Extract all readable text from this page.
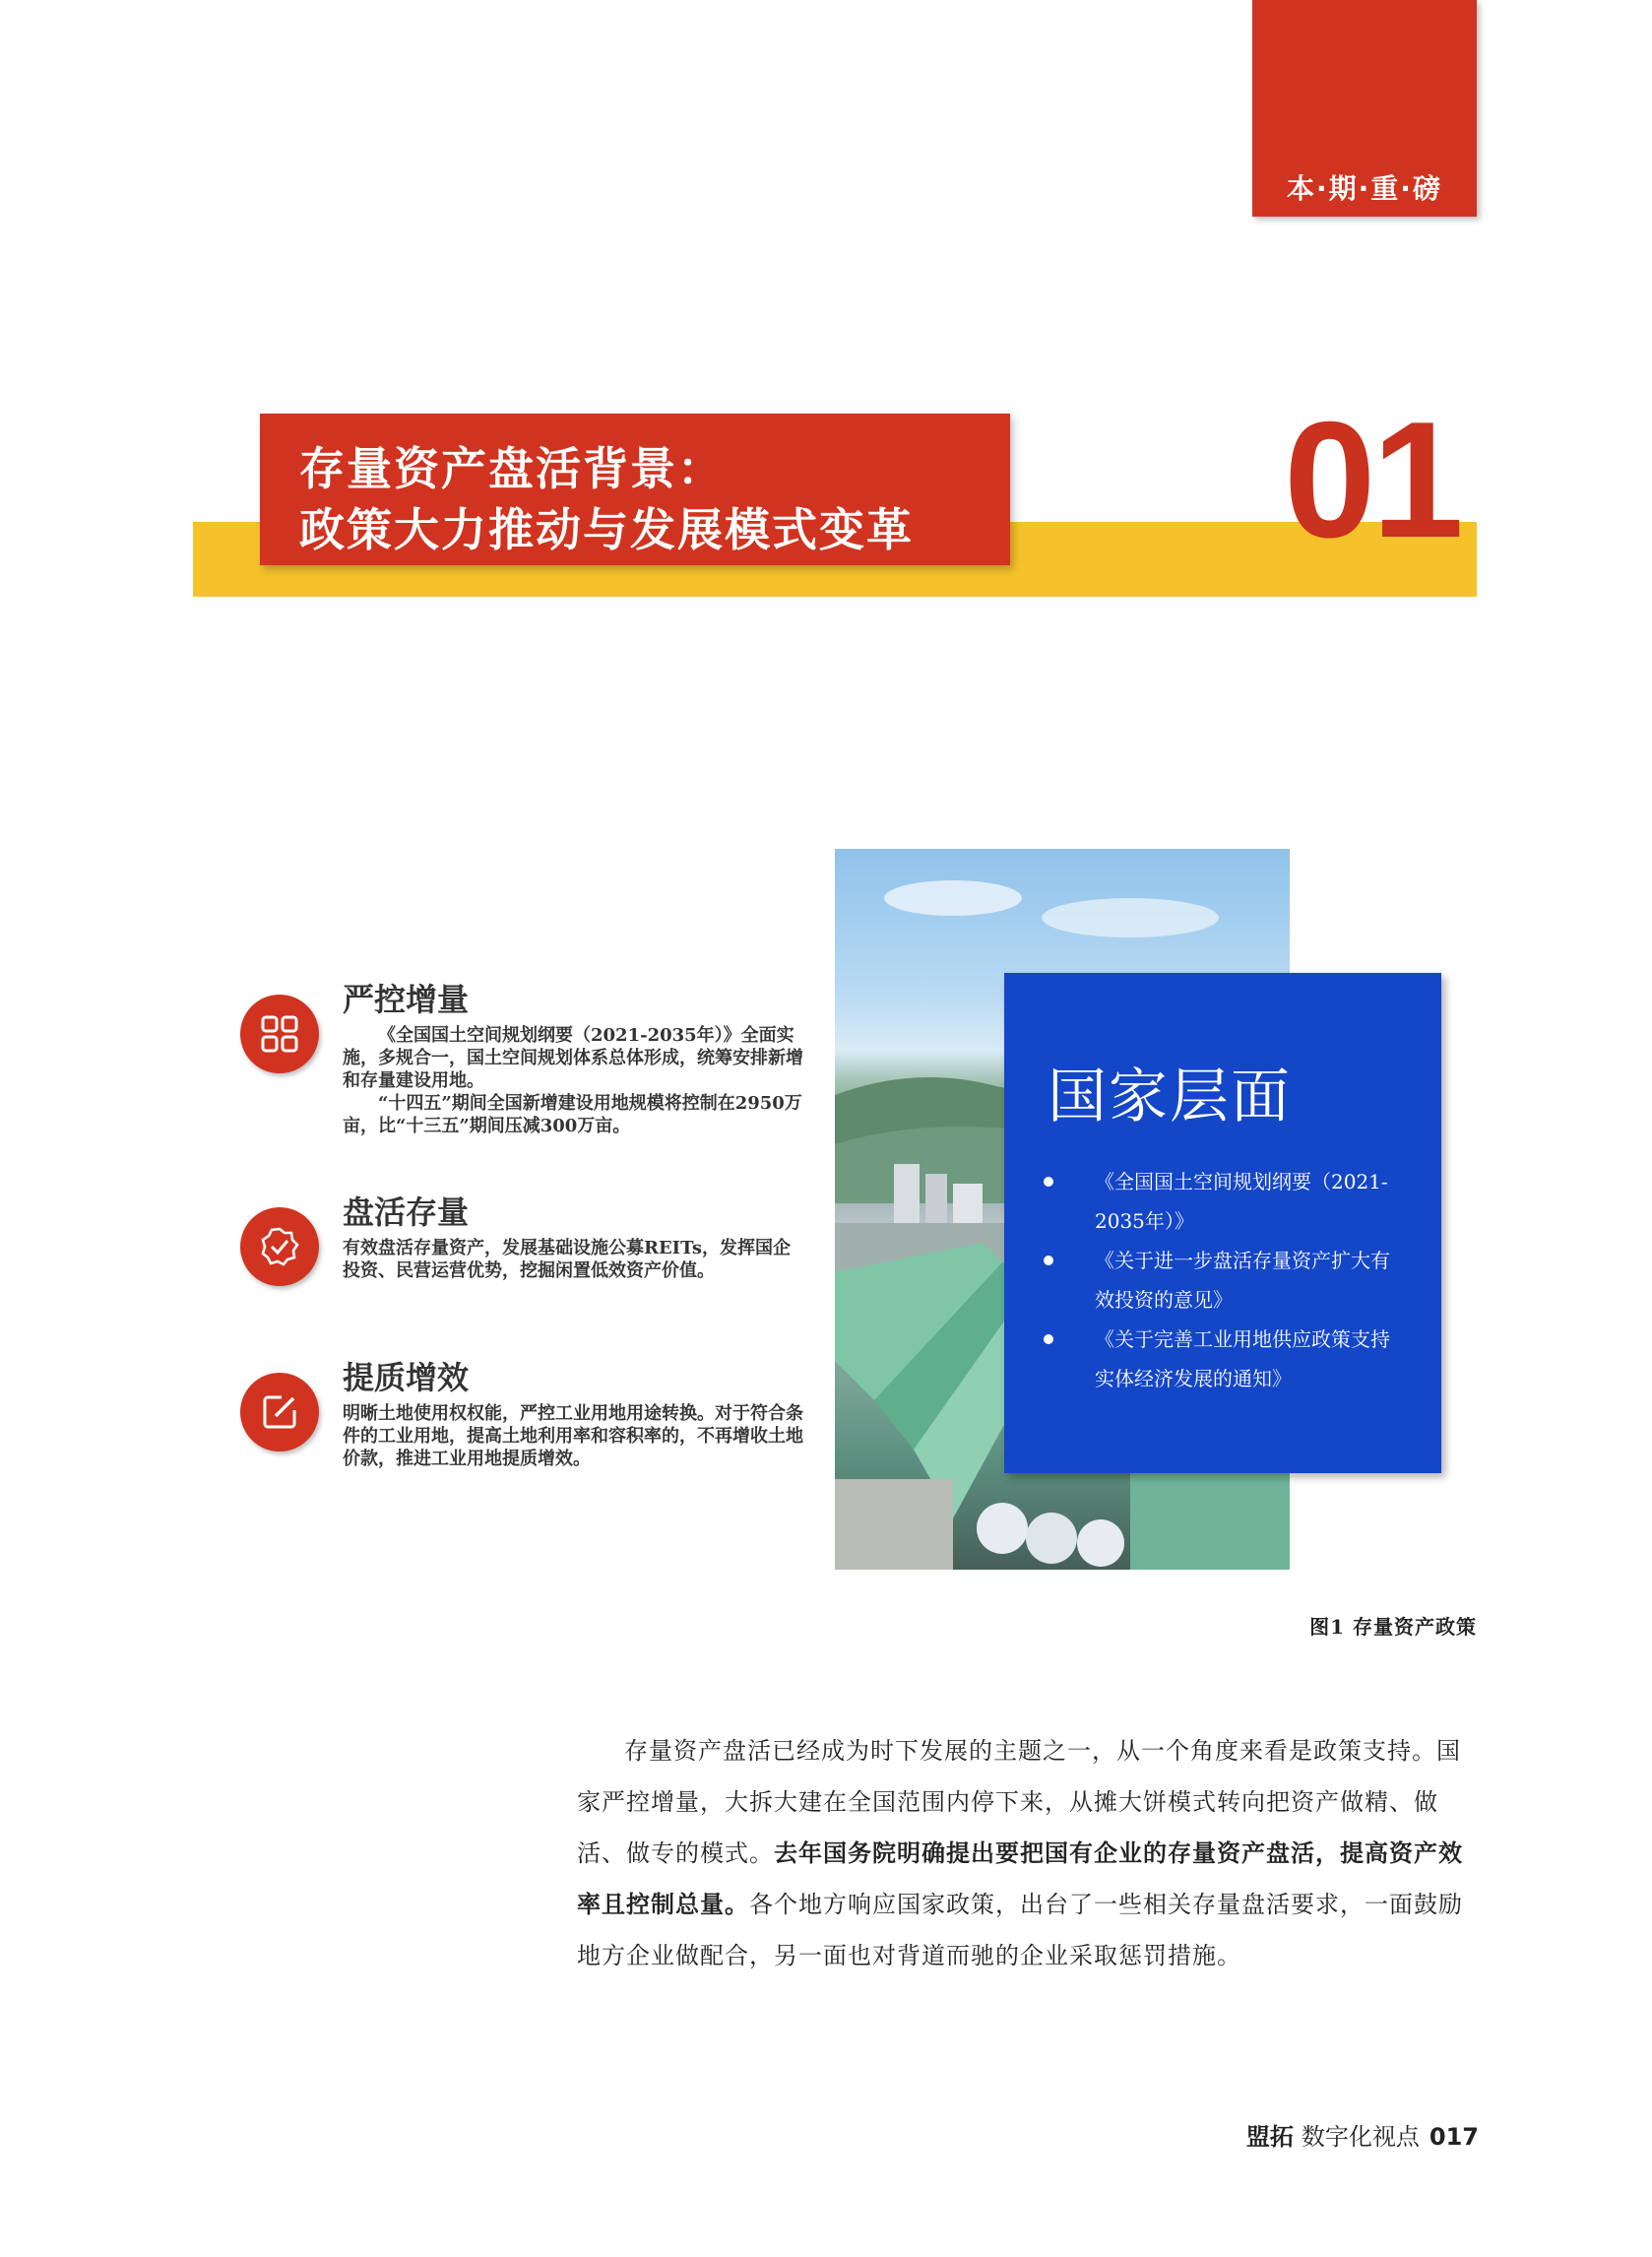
本·期·重·磅
存量资产盘活背景：
政策大力推动与发展模式变革 01
国家层面
《全国国土空间规划纲要（2021-2035年）》
《关于进一步盘活存量资产扩大有效投资的意见》
《关于完善工业用地供应政策支持实体经济发展的通知》
严控增量

《全国国土空间规划纲要（2021-2035年）》全面实施，多规合一，国土空间规划体系总体形成，统筹安排新增和存量建设用地。

“十四五”期间全国新增建设用地规模将控制在2950万亩，比“十三五”期间压减300万亩。

盘活存量

有效盘活存量资产，发展基础设施公募REITs，发挥国企投资、民营运营优势，挖掘闲置低效资产价值。

提质增效

明晰土地使用权权能，严控工业用地用途转换。对于符合条件的工业用地，提高土地利用率和容积率的，不再增收土地价款，推进工业用地提质增效。

图1 存量资产政策

存量资产盘活已经成为时下发展的主题之一，从一个角度来看是政策支持。国家严控增量，大拆大建在全国范围内停下来，从摊大饼模式转向把资产做精、做活、做专的模式。去年国务院明确提出要把国有企业的存量资产盘活，提高资产效率且控制总量。各个地方响应国家政策，出台了一些相关存量盘活要求，一面鼓励地方企业做配合，另一面也对背道而驰的企业采取惩罚措施。

盟拓 数字化视点 017
